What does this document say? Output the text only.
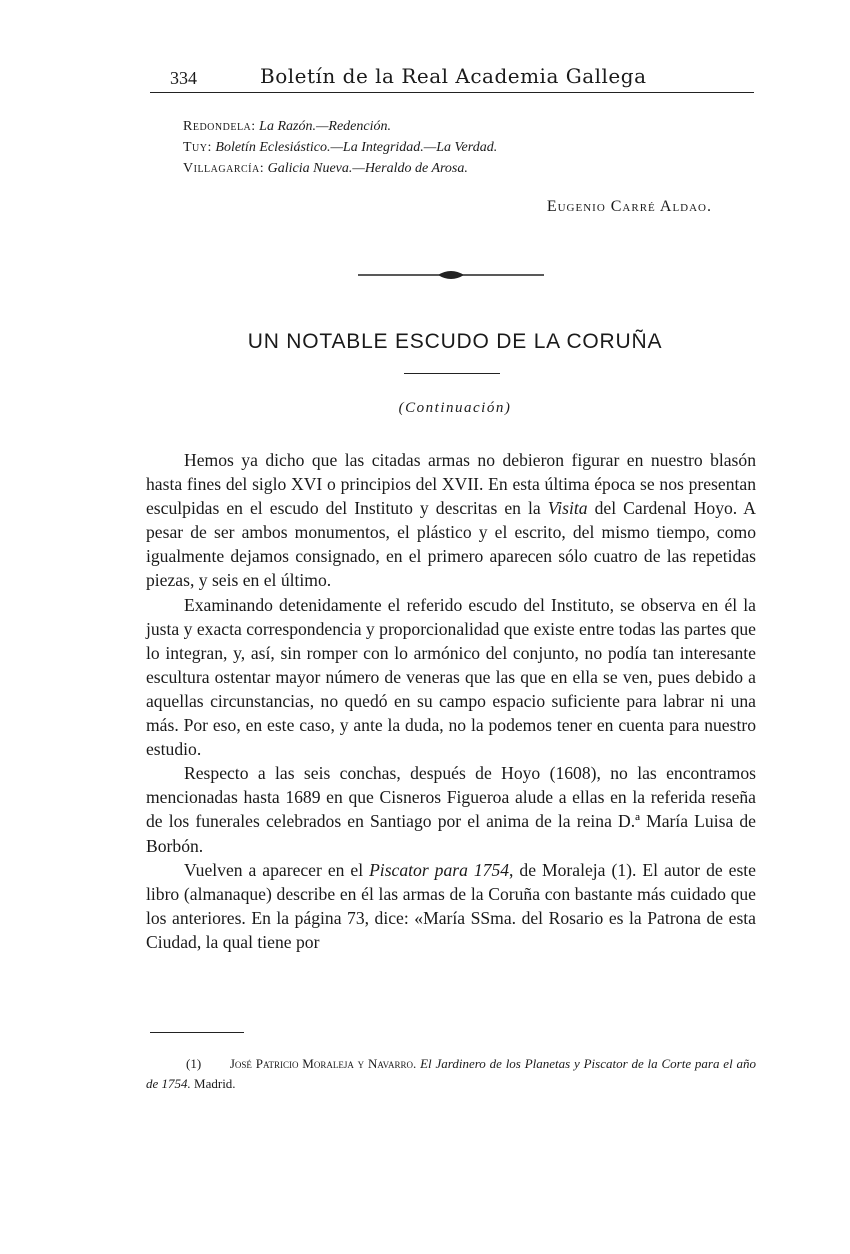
334	Boletín de la Real Academia Gallega
Redondela: La Razón.—Redención.
Tuy: Boletín Eclesiástico.—La Integridad.—La Verdad.
Villagarcía: Galicia Nueva.—Heraldo de Arosa.
Eugenio Carré Aldao.
UN NOTABLE ESCUDO DE LA CORUÑA
(Continuación)

Hemos ya dicho que las citadas armas no debieron figurar en nuestro blasón hasta fines del siglo XVI o principios del XVII. En esta última época se nos presentan esculpidas en el escudo del Instituto y descritas en la Visita del Cardenal Hoyo. A pesar de ser ambos monumentos, el plástico y el escrito, del mismo tiempo, como igualmente dejamos consignado, en el primero aparecen sólo cuatro de las repetidas piezas, y seis en el último.

Examinando detenidamente el referido escudo del Instituto, se observa en él la justa y exacta correspondencia y proporcionalidad que existe entre todas las partes que lo integran, y, así, sin romper con lo armónico del conjunto, no podía tan interesante escultura ostentar mayor número de veneras que las que en ella se ven, pues debido a aquellas circunstancias, no quedó en su campo espacio suficiente para labrar ni una más. Por eso, en este caso, y ante la duda, no la podemos tener en cuenta para nuestro estudio.

Respecto a las seis conchas, después de Hoyo (1608), no las encontramos mencionadas hasta 1689 en que Cisneros Figueroa alude a ellas en la referida reseña de los funerales celebrados en Santiago por el anima de la reina D.ª María Luisa de Borbón.

Vuelven a aparecer en el Piscator para 1754, de Moraleja (1). El autor de este libro (almanaque) describe en él las armas de la Coruña con bastante más cuidado que los anteriores. En la página 73, dice: «María SSma. del Rosario es la Patrona de esta Ciudad, la qual tiene por

(1) José Patricio Moraleja y Navarro. El Jardinero de los Planetas y Piscator de la Corte para el año de 1754. Madrid.
